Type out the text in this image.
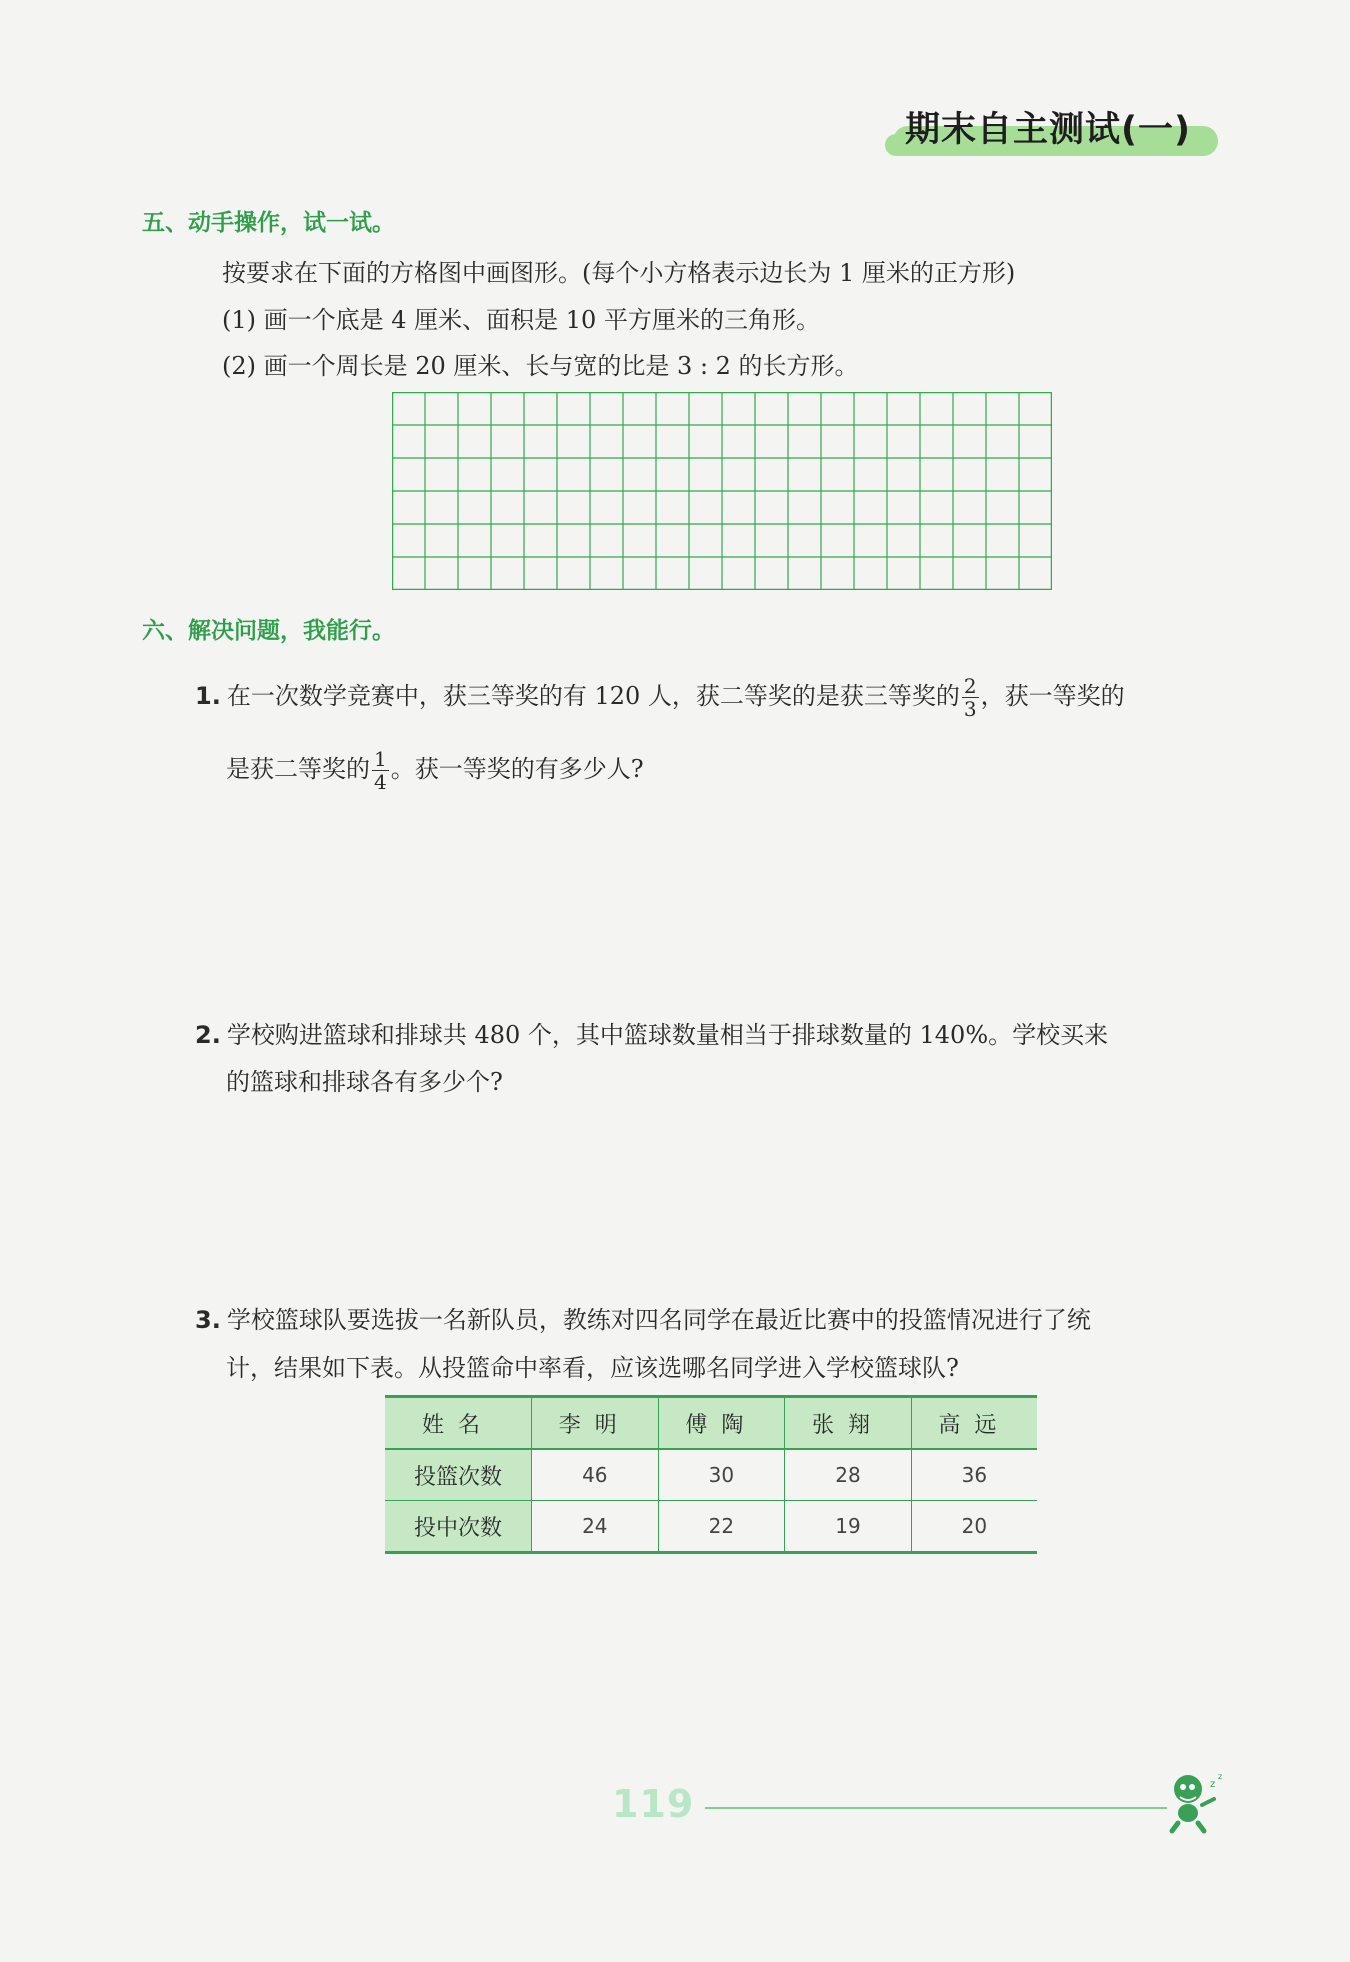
期末自主测试(一)
五、动手操作，试一试。
按要求在下面的方格图中画图形。(每个小方格表示边长为 1 厘米的正方形)
(1) 画一个底是 4 厘米、面积是 10 平方厘米的三角形。
(2) 画一个周长是 20 厘米、长与宽的比是 3 : 2 的长方形。
六、解决问题，我能行。
1. 在一次数学竞赛中，获三等奖的有 120 人，获二等奖的是获三等奖的 $\frac{2}{3}$ ，获一等奖的
是获二等奖的 $\frac{1}{4}$ 。获一等奖的有多少人?
2. 学校购进篮球和排球共 480 个，其中篮球数量相当于排球数量的 140%。学校买来
的篮球和排球各有多少个?
3. 学校篮球队要选拔一名新队员，教练对四名同学在最近比赛中的投篮情况进行了统
计，结果如下表。从投篮命中率看，应该选哪名同学进入学校篮球队?
姓名	李明	傅陶	张翔	高远
投篮次数	46	30	28	36
投中次数	24	22	19	20
119	z
z
